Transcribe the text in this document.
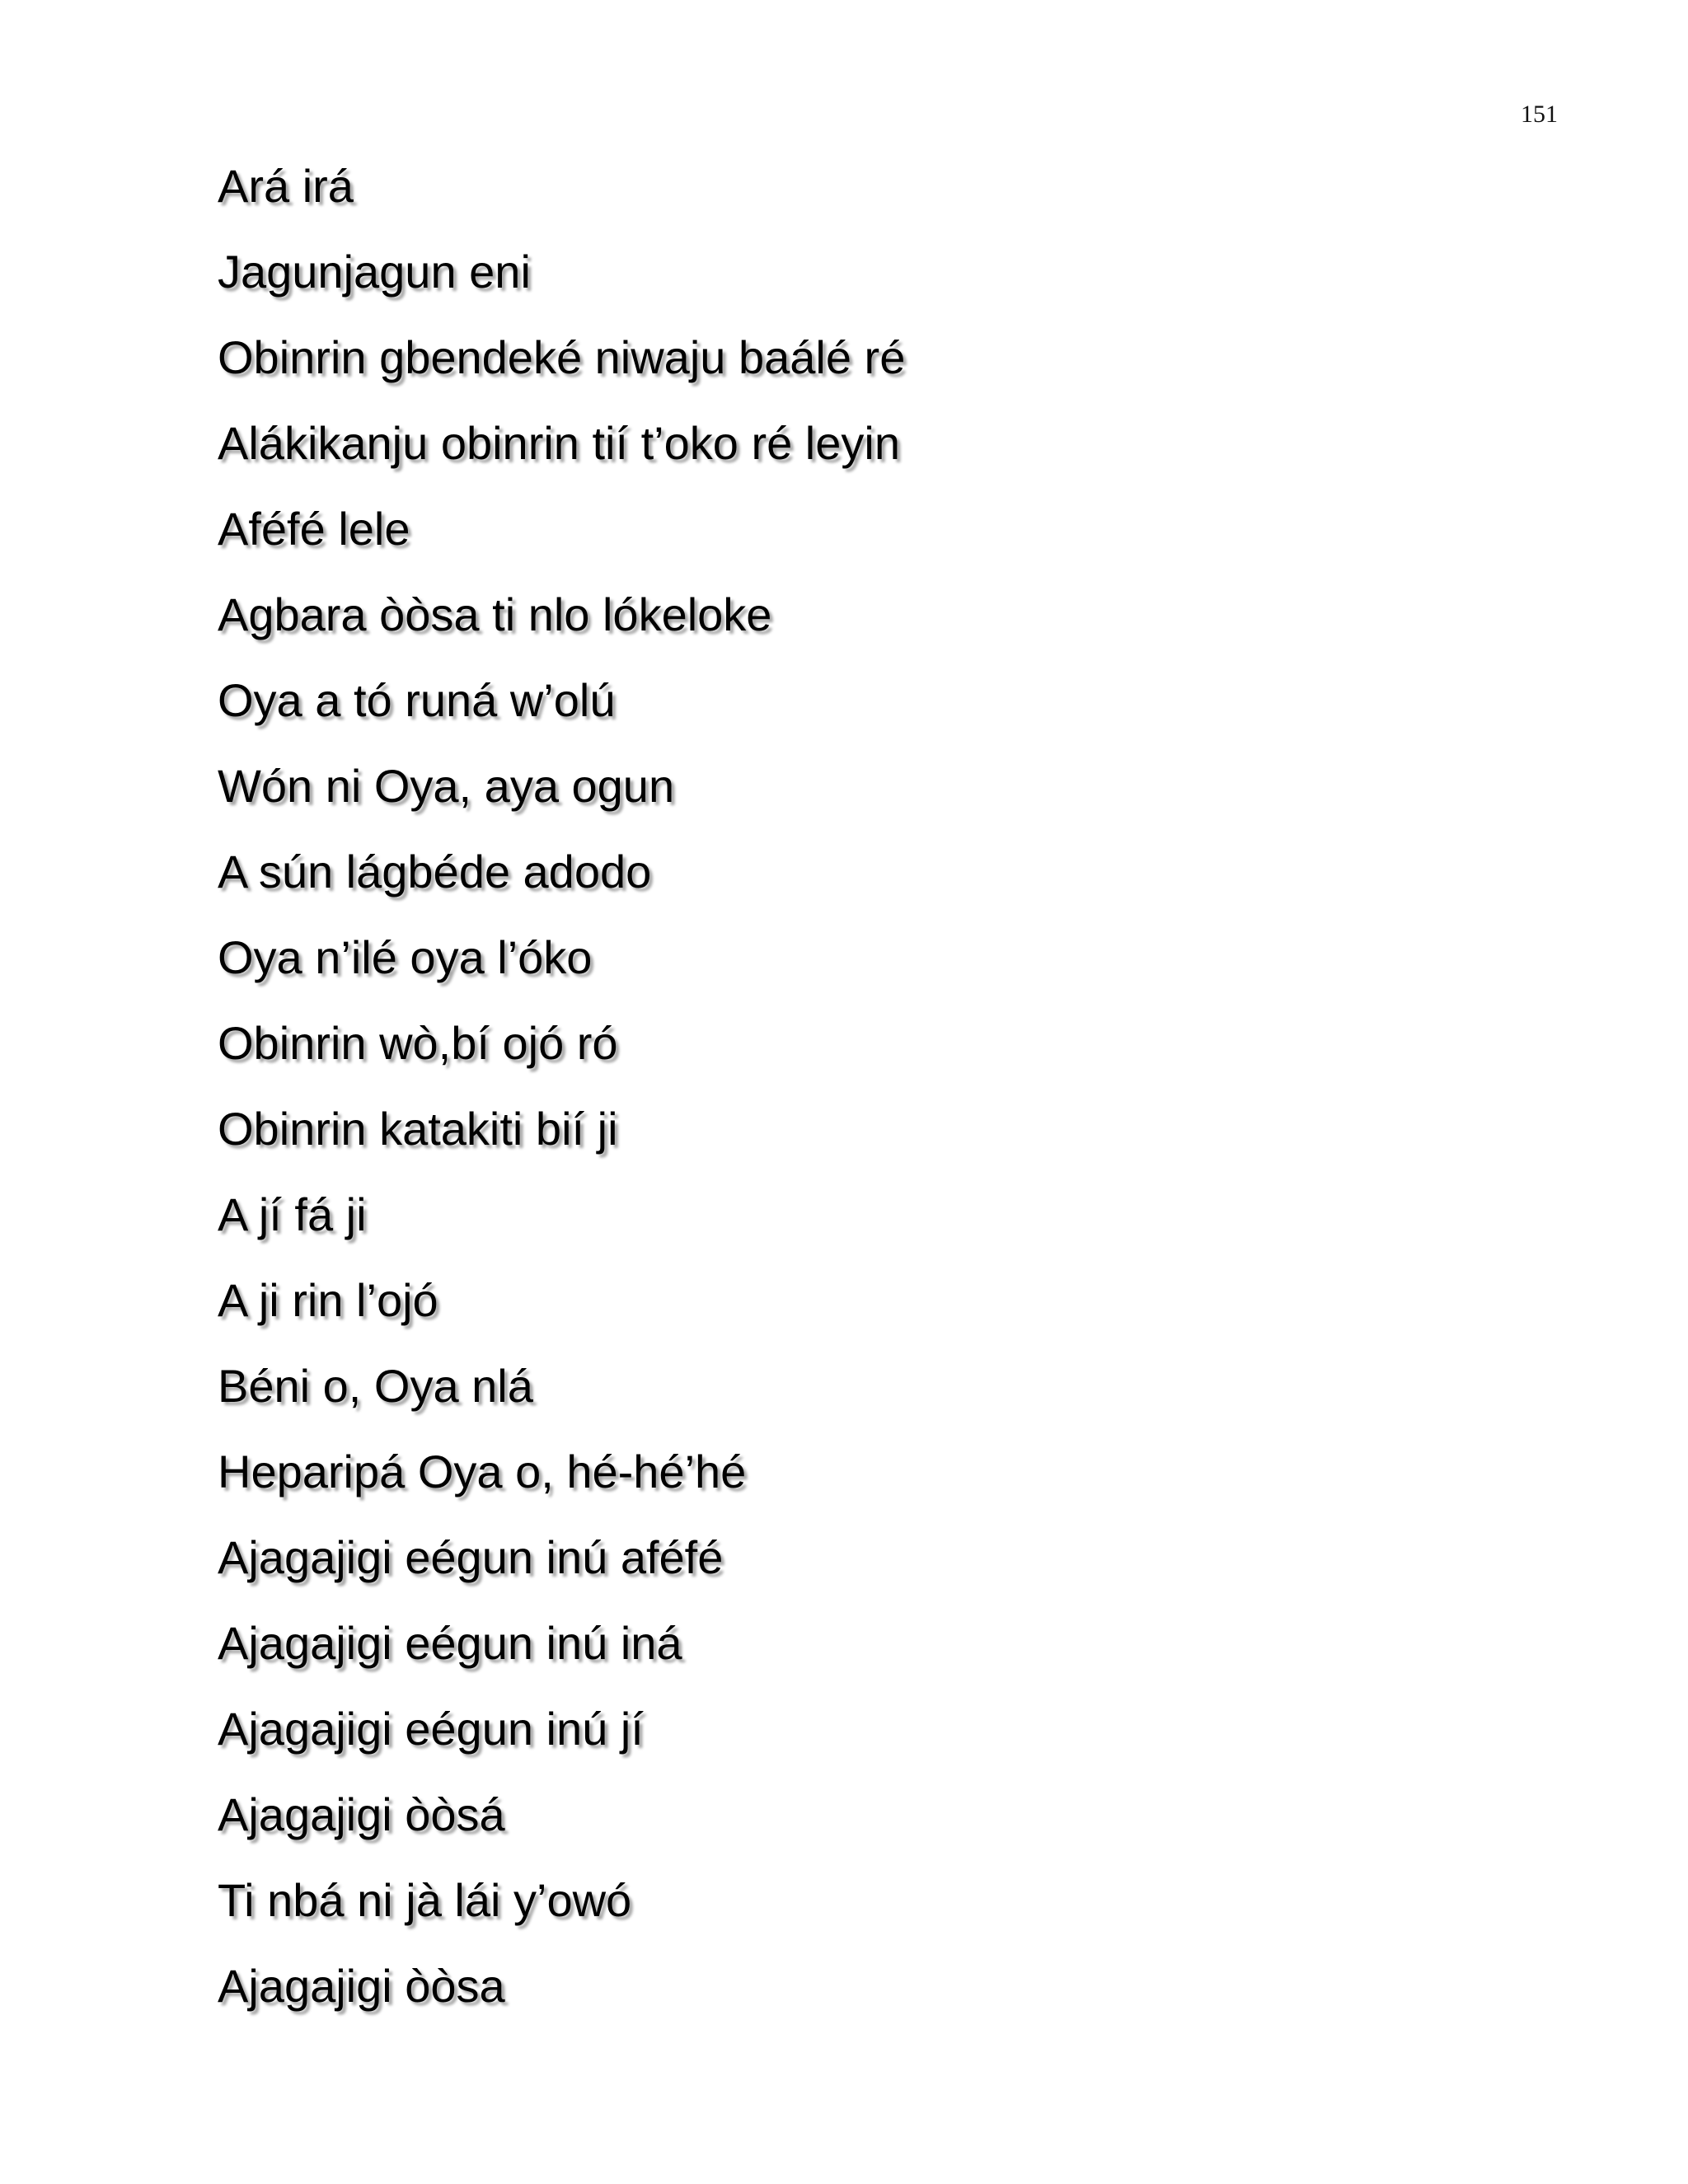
151
Ará irá
Jagunjagun eni
Obinrin gbendeké niwaju baálé ré
Alákikanju obinrin tií t’oko ré leyin
Aféfé lele
Agbara òòsa ti nlo lókeloke
Oya a tó runá w’olú
Wón ni Oya, aya ogun
A sún lágbéde adodo
Oya n’ilé oya l’óko
Obinrin wò,bí ojó ró
Obinrin katakiti bií ji
A jí fá ji
A ji rin l’ojó
Béni o, Oya nlá
Heparipá Oya o, hé-hé’hé
Ajagajigi eégun inú aféfé
Ajagajigi eégun inú iná
Ajagajigi eégun inú jí
Ajagajigi òòsá
Ti nbá ni jà lái y’owó
Ajagajigi òòsa
